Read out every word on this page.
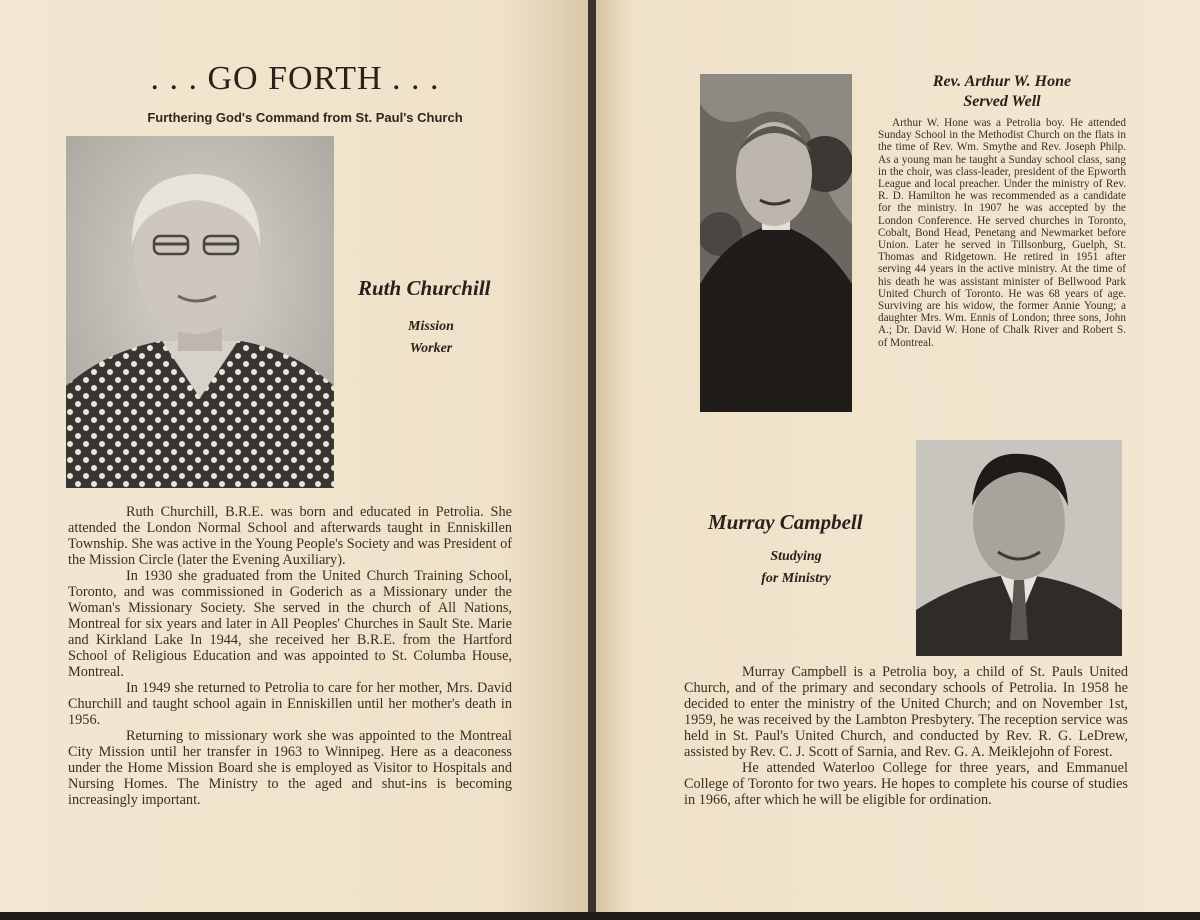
. . . GO FORTH . . .
Furthering God's Command from St. Paul's Church
Ruth Churchill
Mission
Worker

Ruth Churchill, B.R.E. was born and educated in Petrolia. She attended the London Normal School and afterwards taught in Enniskillen Township. She was active in the Young People's Society and was President of the Mission Circle (later the Evening Auxiliary).

In 1930 she graduated from the United Church Training School, Toronto, and was commissioned in Goderich as a Missionary under the Woman's Missionary Society. She served in the church of All Nations, Montreal for six years and later in All Peoples' Churches in Sault Ste. Marie and Kirkland Lake In 1944, she received her B.R.E. from the Hartford School of Religious Education and was appointed to St. Columba House, Montreal.

In 1949 she returned to Petrolia to care for her mother, Mrs. David Churchill and taught school again in Enniskillen until her mother's death in 1956.

Returning to missionary work she was appointed to the Montreal City Mission until her transfer in 1963 to Winnipeg. Here as a deaconess under the Home Mission Board she is employed as Visitor to Hospitals and Nursing Homes. The Ministry to the aged and shut-ins is becoming increasingly important.

Rev. Arthur W. Hone
Served Well

Arthur W. Hone was a Petrolia boy. He attended Sunday School in the Methodist Church on the flats in the time of Rev. Wm. Smythe and Rev. Joseph Philp. As a young man he taught a Sunday school class, sang in the choir, was class-leader, president of the Epworth League and local preacher. Under the ministry of Rev. R. D. Hamilton he was recommended as a candidate for the ministry. In 1907 he was accepted by the London Conference. He served churches in Toronto, Cobalt, Bond Head, Penetang and Newmarket before Union. Later he served in Tillsonburg, Guelph, St. Thomas and Ridgetown. He retired in 1951 after serving 44 years in the active ministry. At the time of his death he was assistant minister of Bellwood Park United Church of Toronto. He was 68 years of age. Surviving are his widow, the former Annie Young; a daughter Mrs. Wm. Ennis of London; three sons, John A.; Dr. David W. Hone of Chalk River and Robert S. of Montreal.

Murray Campbell
Studying
for Ministry

Murray Campbell is a Petrolia boy, a child of St. Pauls United Church, and of the primary and secondary schools of Petrolia. In 1958 he decided to enter the ministry of the United Church; and on November 1st, 1959, he was received by the Lambton Presbytery. The reception service was held in St. Paul's United Church, and conducted by Rev. R. G. LeDrew, assisted by Rev. C. J. Scott of Sarnia, and Rev. G. A. Meiklejohn of Forest.

He attended Waterloo College for three years, and Emmanuel College of Toronto for two years. He hopes to complete his course of studies in 1966, after which he will be eligible for ordination.
